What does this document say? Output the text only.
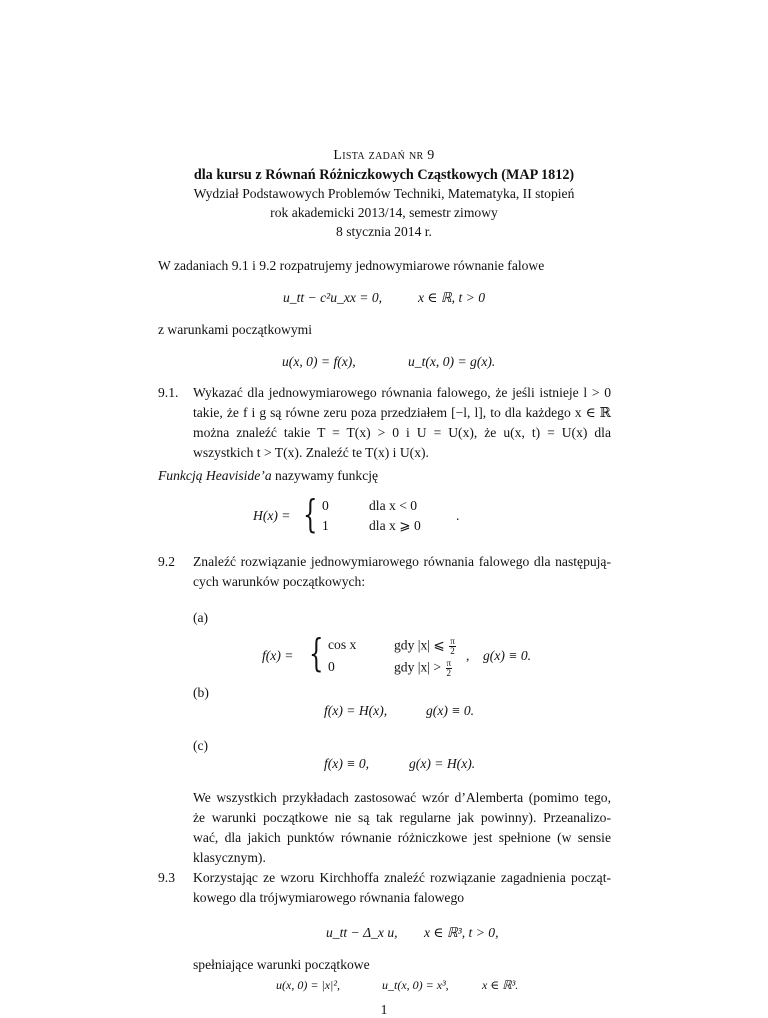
Lista zadań nr 9
dla kursu z Równań Różniczkowych Cząstkowych (MAP 1812)
Wydział Podstawowych Problemów Techniki, Matematyka, II stopień
rok akademicki 2013/14, semestr zimowy
8 stycznia 2014 r.
W zadaniach 9.1 i 9.2 rozpatrujemy jednowymiarowe równanie falowe
u_tt − c²u_xx = 0,	x ∈ ℝ, t > 0
z warunkami początkowymi
u(x, 0) = f(x),	u_t(x, 0) = g(x).
9.1. Wykazać dla jednowymiarowego równania falowego, że jeśli istnieje l > 0
takie, że f i g są równe zeru poza przedziałem [−l, l], to dla każdego x ∈ ℝ
można znaleźć takie T = T(x) > 0 i U = U(x), że u(x, t) = U(x) dla
wszystkich t > T(x). Znaleźć te T(x) i U(x).
Funkcją Heaviside’a nazywamy funkcję
H(x) = { 0	dla x < 0
1	dla x ⩾ 0
.
9.2 Znaleźć rozwiązanie jednowymiarowego równania falowego dla następują-
cych warunków początkowych:
(a)
f(x) = { cos x	gdy |x| ⩽ $\frac{\pi}{2}$
0	gdy $|x| > \frac{\pi}{2}$
, g(x) ≡ 0.
(b)
f(x) = H(x),	g(x) ≡ 0.
(c)
f(x) ≡ 0,	g(x) = H(x).
We wszystkich przykładach zastosować wzór d’Alemberta (pomimo tego,
że warunki początkowe nie są tak regularne jak powinny). Przeanalizo-
wać, dla jakich punktów równanie różniczkowe jest spełnione (w sensie
klasycznym).
9.3 Korzystając ze wzoru Kirchhoffa znaleźć rozwiązanie zagadnienia począt-
kowego dla trójwymiarowego równania falowego
u_tt − Δ_x u, x ∈ ℝ³, t > 0,
spełniające warunki początkowe
u(x, 0) = |x|²,	u_t(x, 0) = x³,	x ∈ ℝ³.
1
